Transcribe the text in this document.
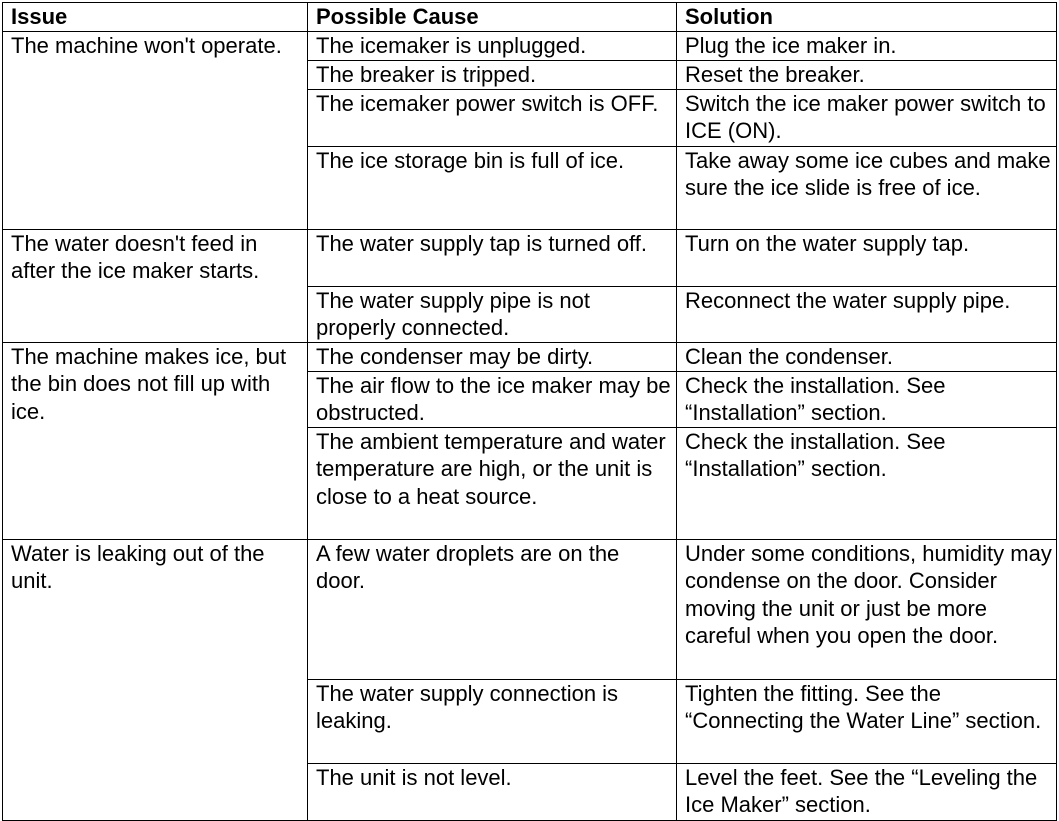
Issue	Possible Cause	Solution
The machine won't operate.	The icemaker is unplugged.	Plug the ice maker in.
	The breaker is tripped.	Reset the breaker.
	The icemaker power switch is OFF.	Switch the ice maker power switch to ICE (ON).
	The ice storage bin is full of ice.	Take away some ice cubes and make sure the ice slide is free of ice.
The water doesn't feed in after the ice maker starts.	The water supply tap is turned off.	Turn on the water supply tap.
	The water supply pipe is not properly connected.	Reconnect the water supply pipe.
The machine makes ice, but the bin does not fill up with ice.	The condenser may be dirty.	Clean the condenser.
	The air flow to the ice maker may be obstructed.	Check the installation. See “Installation” section.
	The ambient temperature and water temperature are high, or the unit is close to a heat source.	Check the installation. See “Installation” section.
Water is leaking out of the unit.	A few water droplets are on the door.	Under some conditions, humidity may condense on the door. Consider moving the unit or just be more careful when you open the door.
	The water supply connection is leaking.	Tighten the fitting. See the “Connecting the Water Line” section.
	The unit is not level.	Level the feet. See the “Leveling the Ice Maker” section.
